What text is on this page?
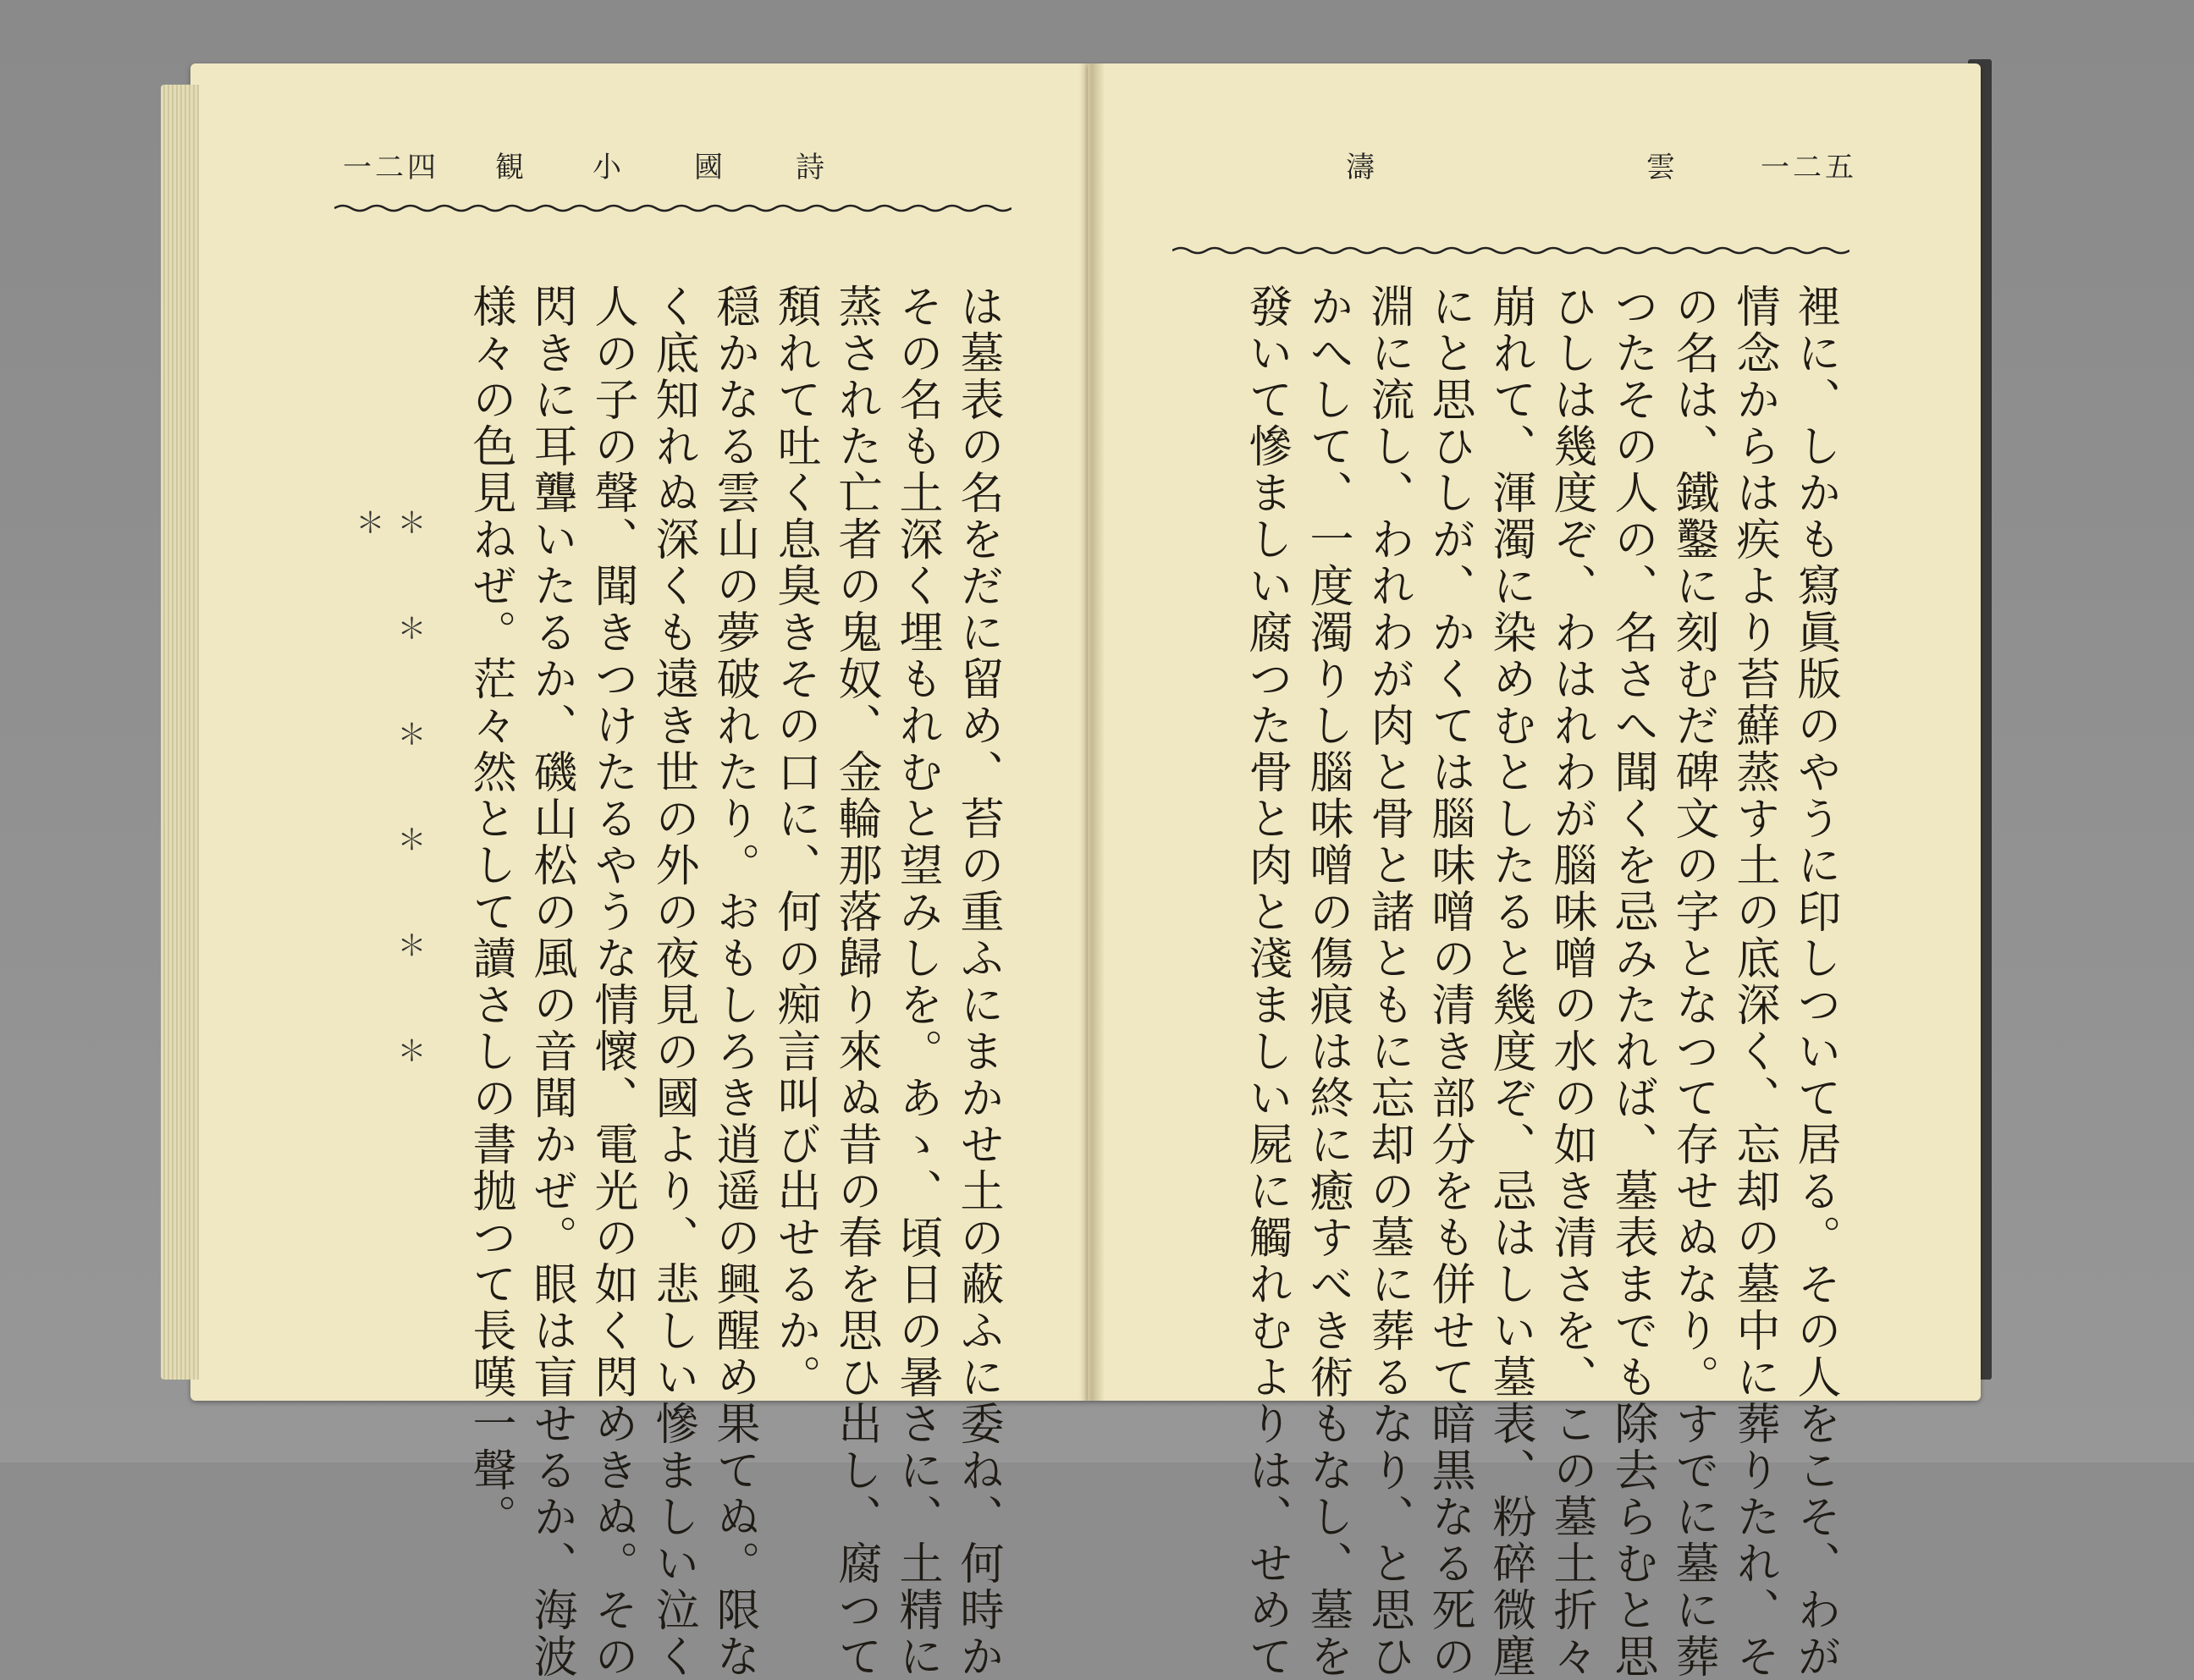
一二四 観 小 國 詩	濤	雲	一二五
は墓表の名をだに留め、苔の重ふにまかせ土の蔽ふに委ね、何時か
その名も土深く埋もれむと望みしを。あゝ、頃日の暑さに、土精に
蒸された亡者の鬼奴、金輪那落歸り來ぬ昔の春を思ひ出し、腐つて
頽れて吐く息臭きその口に、何の痴言叫び出せるか。
穏かなる雲山の夢破れたり。おもしろき逍遥の興醒め果てぬ。限な
く底知れぬ深くも遠き世の外の夜見の國より、悲しい慘ましい泣く
人の子の聲、聞きつけたるやうな情懷、電光の如く閃めきぬ。その
閃きに耳聾いたるか、磯山松の風の音聞かぜ。眼は盲せるか、海波
様々の色見ねぜ。茫々然として讀さしの書抛つて長嘆一聲。
＊ ＊ ＊ ＊ ＊ ＊ ＊	裡に、しかも寫眞版のやうに印しついて居る。その人をこそ、わが
情念からは疾より苔蘚蒸す土の底深く、忘却の墓中に葬りたれ、そ
の名は、鐵鑿に刻むだ碑文の字となつて存せぬなり。すでに墓に葬
つたその人の、名さへ聞くを忌みたれば、墓表までも除去らむと思
ひしは幾度ぞ、わはれわが腦味噌の水の如き清さを、この墓土折々
崩れて、渾濁に染めむとしたると幾度ぞ、忌はしい墓表、粉碎微塵
にと思ひしが、かくては腦味噌の清き部分をも併せて暗黒なる死の
淵に流し、われわが肉と骨と諸ともに忘却の墓に葬るなり、と思ひ
かへして、一度濁りし腦味噌の傷痕は終に癒すべき術もなし、墓を
發いて慘ましい腐つた骨と肉と淺ましい屍に觸れむよりは、せめて
